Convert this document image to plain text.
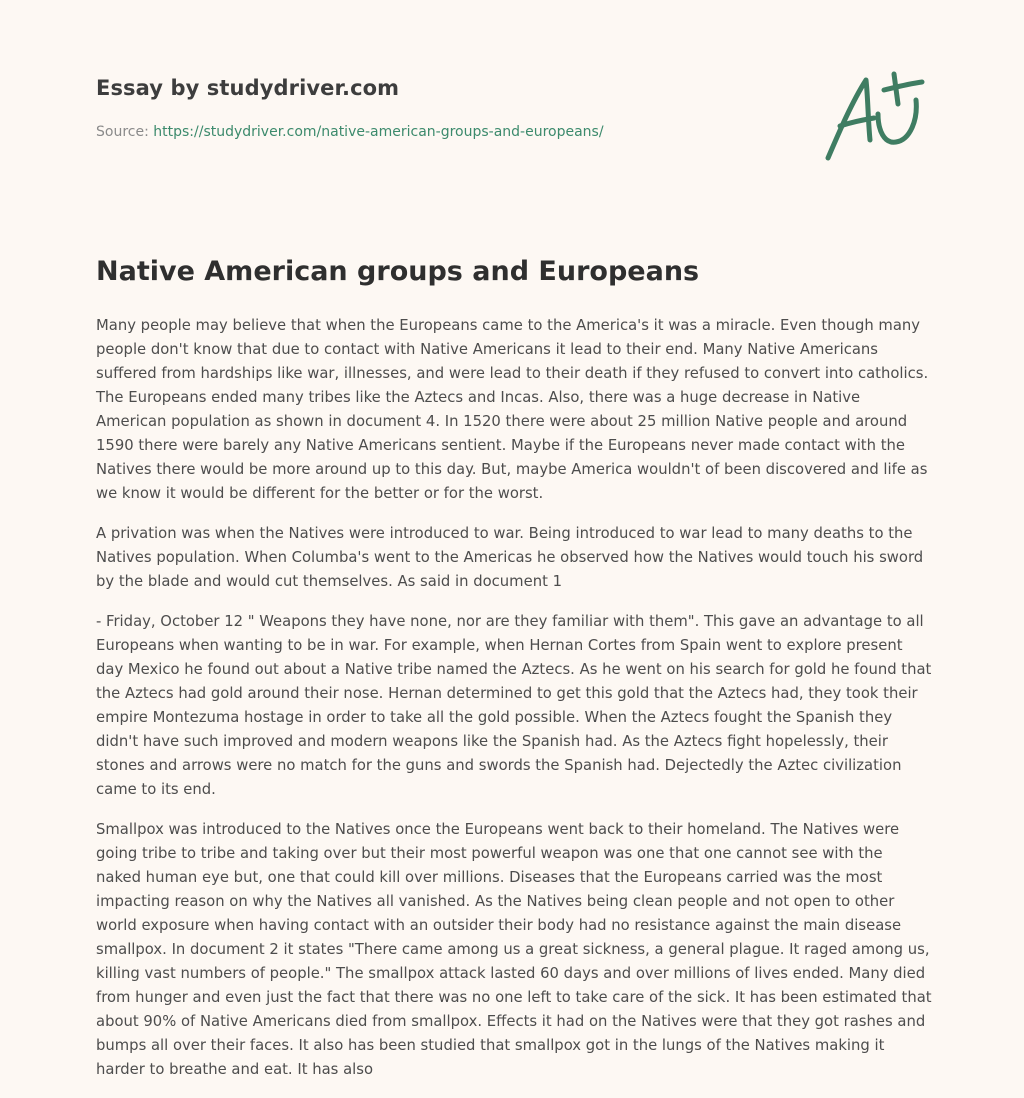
Essay by studydriver.com
Source: https://studydriver.com/native-american-groups-and-europeans/
Native American groups and Europeans

Many people may believe that when the Europeans came to the America's it was a miracle. Even though many people don't know that due to contact with Native Americans it lead to their end. Many Native Americans suffered from hardships like war, illnesses, and were lead to their death if they refused to convert into catholics. The Europeans ended many tribes like the Aztecs and Incas. Also, there was a huge decrease in Native American population as shown in document 4. In 1520 there were about 25 million Native people and around 1590 there were barely any Native Americans sentient. Maybe if the Europeans never made contact with the Natives there would be more around up to this day. But, maybe America wouldn't of been discovered and life as we know it would be different for the better or for the worst.

A privation was when the Natives were introduced to war. Being introduced to war lead to many deaths to the Natives population. When Columba's went to the Americas he observed how the Natives would touch his sword by the blade and would cut themselves. As said in document 1

- Friday, October 12 " Weapons they have none, nor are they familiar with them". This gave an advantage to all Europeans when wanting to be in war. For example, when Hernan Cortes from Spain went to explore present day Mexico he found out about a Native tribe named the Aztecs. As he went on his search for gold he found that the Aztecs had gold around their nose. Hernan determined to get this gold that the Aztecs had, they took their empire Montezuma hostage in order to take all the gold possible. When the Aztecs fought the Spanish they didn't have such improved and modern weapons like the Spanish had. As the Aztecs fight hopelessly, their stones and arrows were no match for the guns and swords the Spanish had. Dejectedly the Aztec civilization came to its end.

Smallpox was introduced to the Natives once the Europeans went back to their homeland. The Natives were going tribe to tribe and taking over but their most powerful weapon was one that one cannot see with the naked human eye but, one that could kill over millions. Diseases that the Europeans carried was the most impacting reason on why the Natives all vanished. As the Natives being clean people and not open to other world exposure when having contact with an outsider their body had no resistance against the main disease smallpox. In document 2 it states "There came among us a great sickness, a general plague. It raged among us, killing vast numbers of people." The smallpox attack lasted 60 days and over millions of lives ended. Many died from hunger and even just the fact that there was no one left to take care of the sick. It has been estimated that about 90% of Native Americans died from smallpox. Effects it had on the Natives were that they got rashes and bumps all over their faces. It also has been studied that smallpox got in the lungs of the Natives making it harder to breathe and eat. It has also
